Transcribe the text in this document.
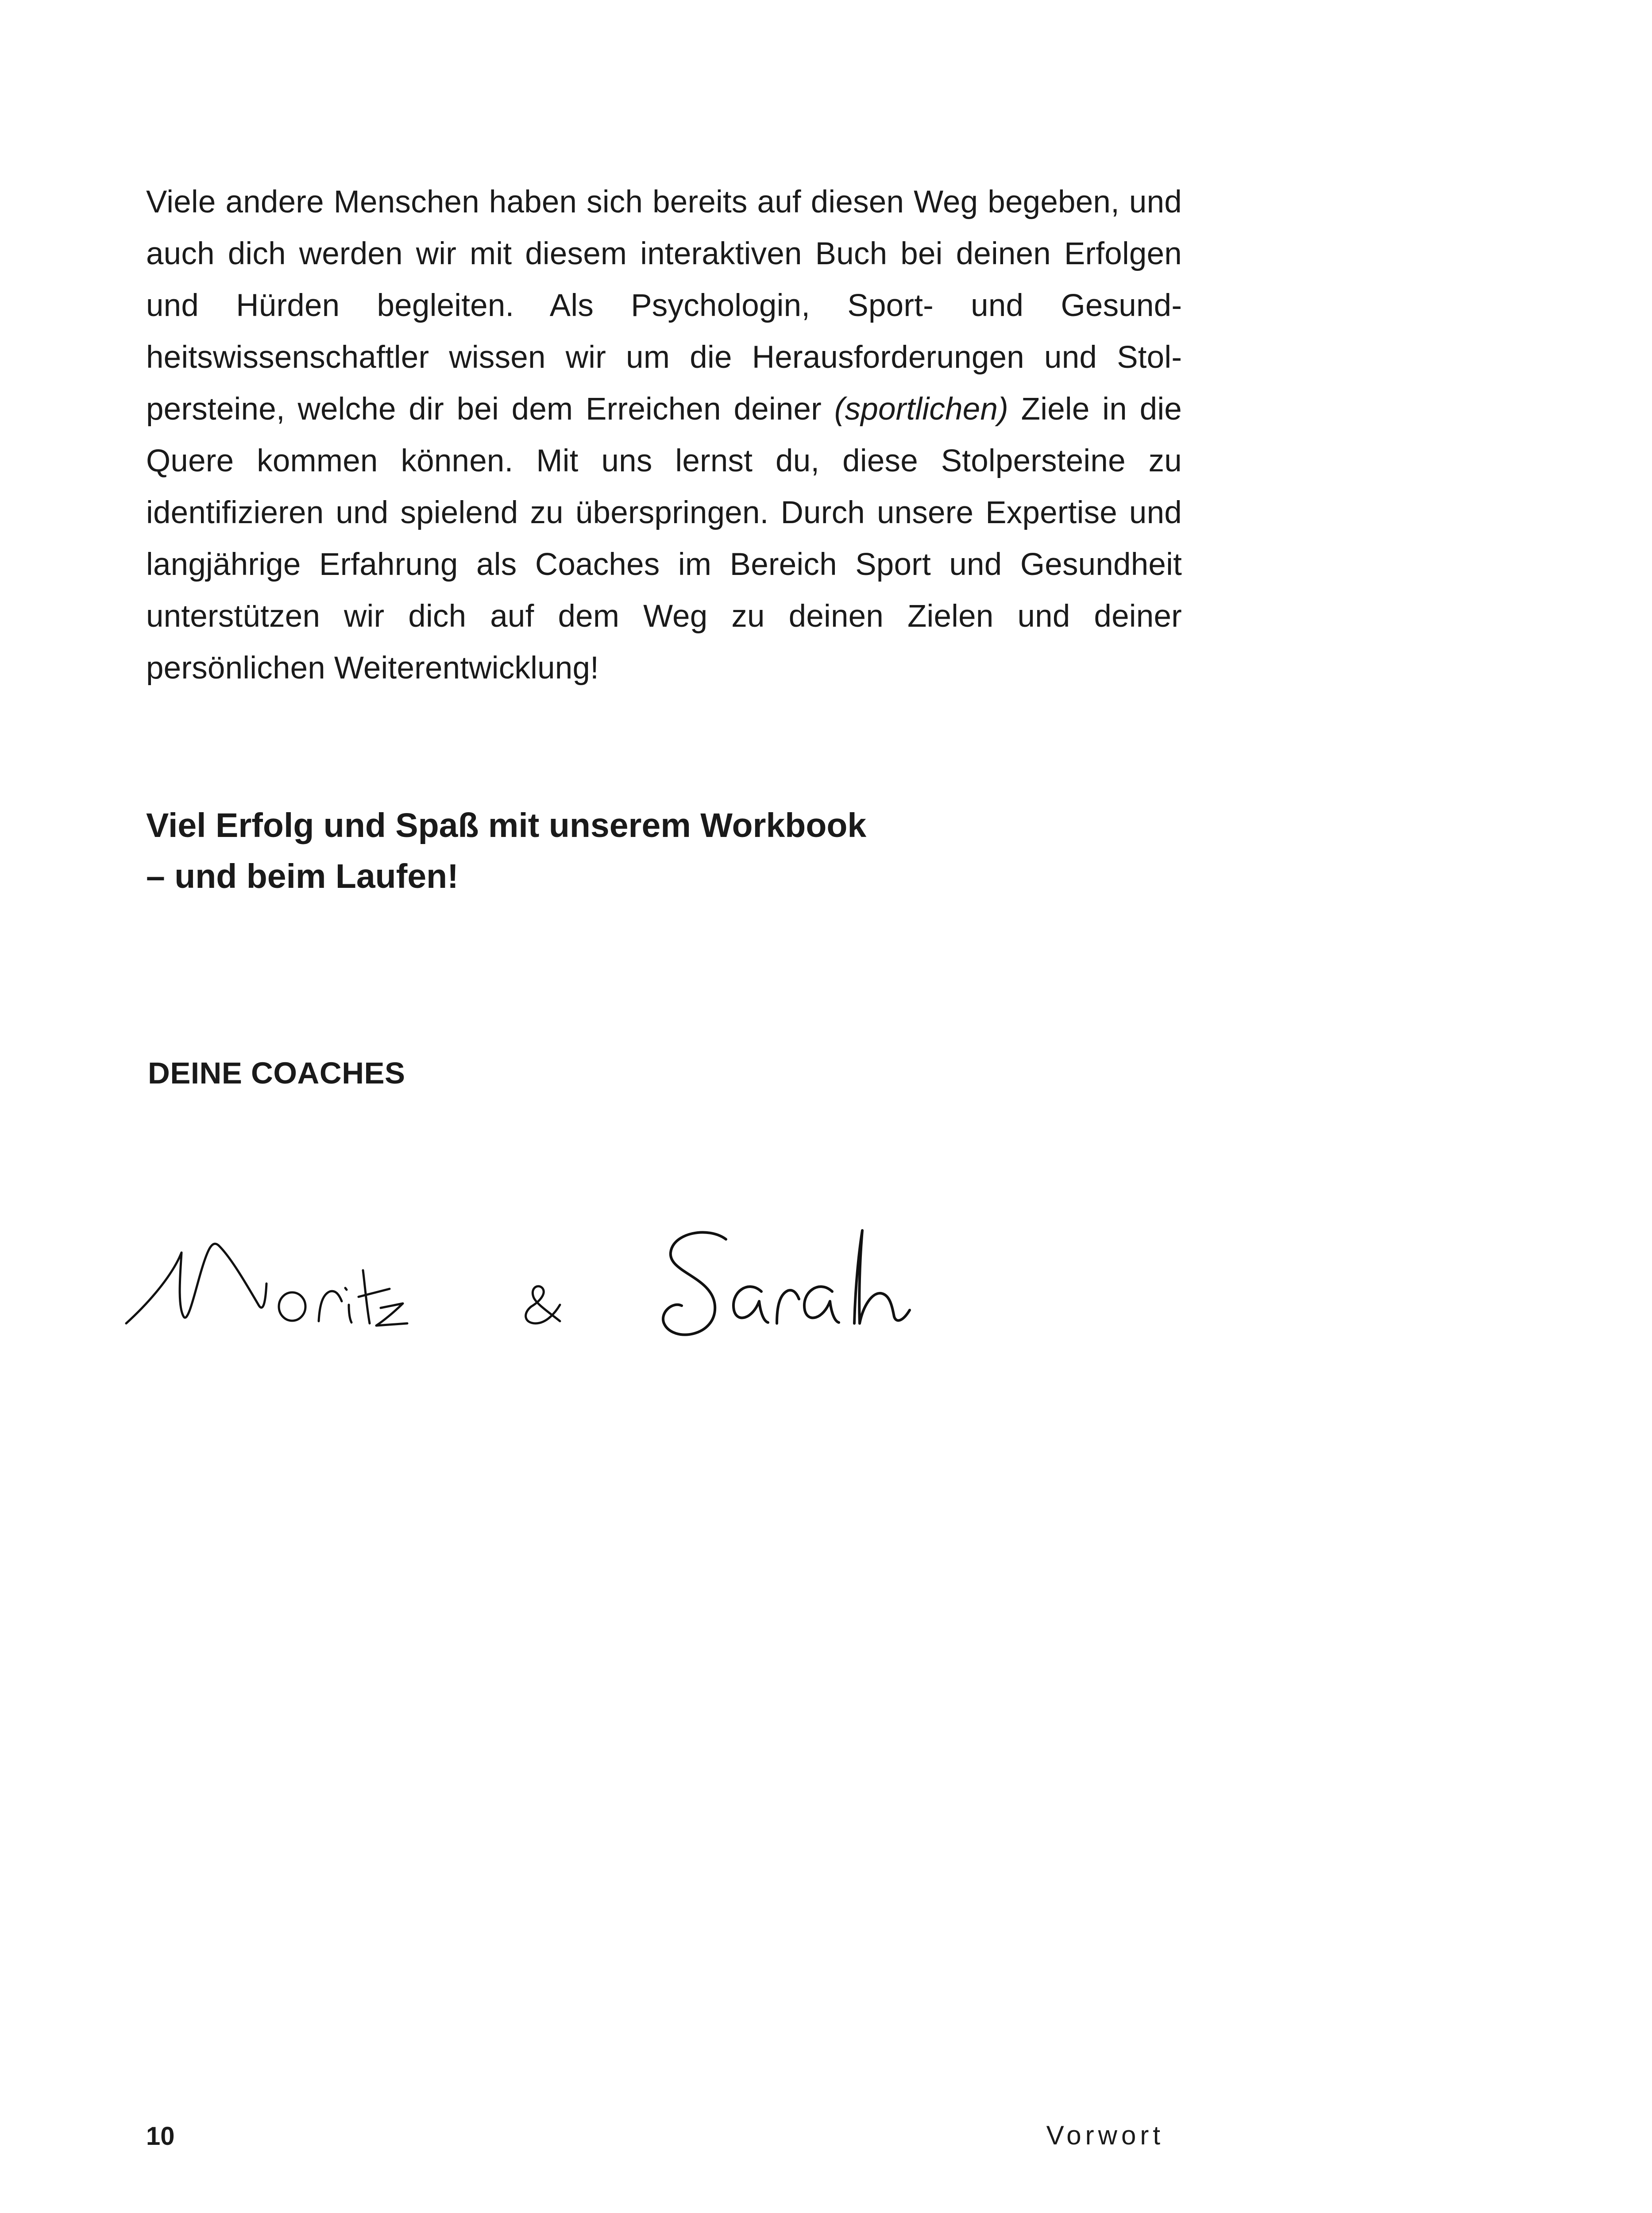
Viele andere Menschen haben sich bereits auf diesen Weg begeben, und auch dich werden wir mit diesem interaktiven Buch bei deinen Erfolgen und Hürden begleiten. Als Psychologin, Sport- und Gesundheitswissenschaftler wissen wir um die Herausforderungen und Stolpersteine, welche dir bei dem Erreichen deiner (sportlichen) Ziele in die Quere kommen können. Mit uns lernst du, diese Stolpersteine zu identifizieren und spielend zu überspringen. Durch unsere Expertise und langjährige Erfahrung als Coaches im Bereich Sport und Gesundheit unterstützen wir dich auf dem Weg zu deinen Zielen und deiner persönlichen Weiterentwicklung!
Viel Erfolg und Spaß mit unserem Workbook
– und beim Laufen!
DEINE COACHES
10	Vorwort
